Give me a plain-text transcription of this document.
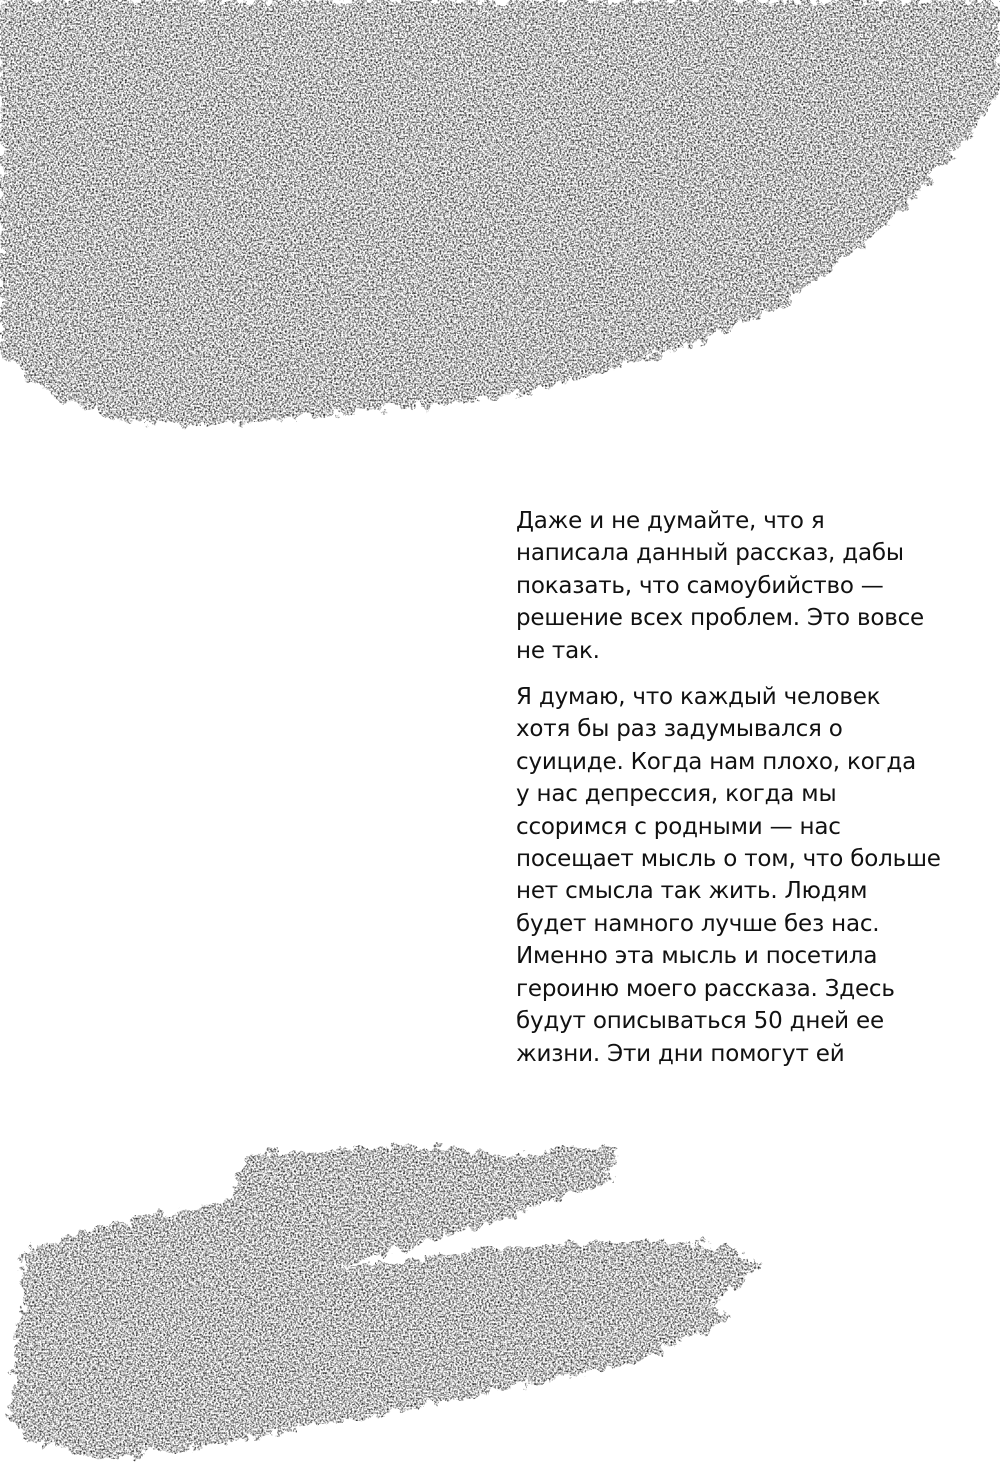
Даже и не думайте, что я
написала данный рассказ, дабы
показать, что самоубийство —
решение всех проблем. Это вовсе
не так.

Я думаю, что каждый человек
хотя бы раз задумывался о
суициде. Когда нам плохо, когда
у нас депрессия, когда мы
ссоримся с родными — нас
посещает мысль о том, что больше
нет смысла так жить. Людям
будет намного лучше без нас.
Именно эта мысль и посетила
героиню моего рассказа. Здесь
будут описываться 50 дней ее
жизни. Эти дни помогут ей
